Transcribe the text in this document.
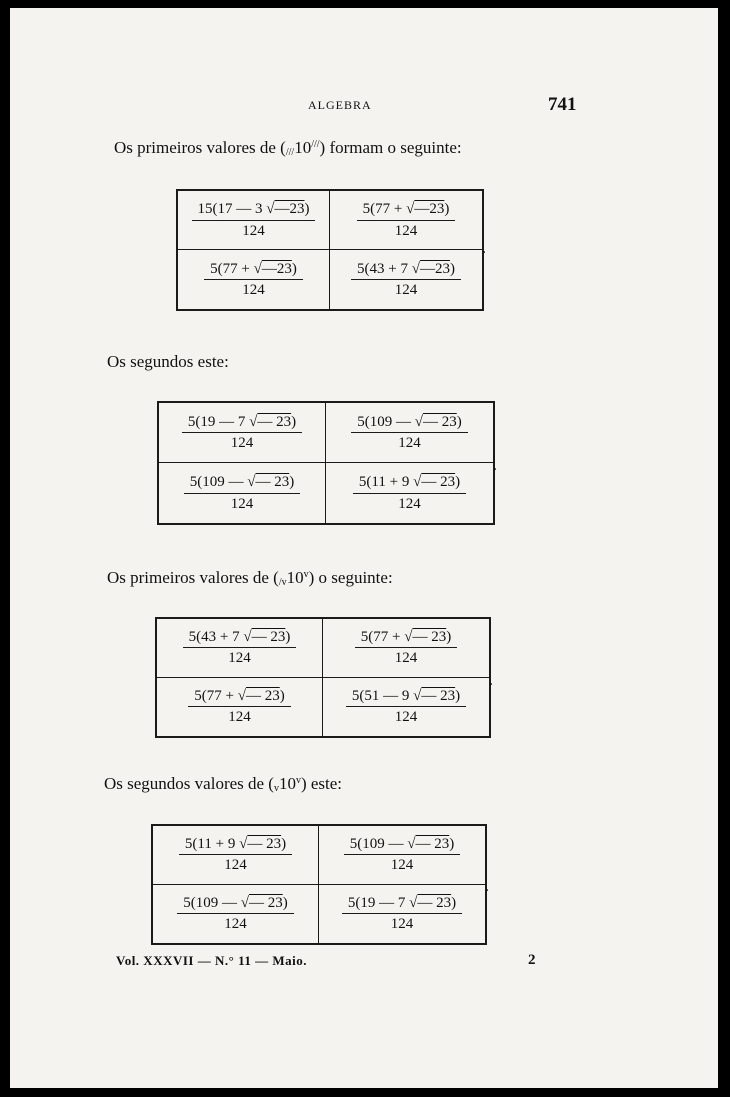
ALGEBRA	741
Os primeiros valores de $(_{///}10^{///})$ formam o seguinte:
$\frac{15(17 — 3 √—23)}{124} \frac{5(77 + √—23)}{124}$
$\frac{5(77 + √—23)}{124} \frac{5(43 + 7 √—23)}{124}$
.
Os segundos este:
$\frac{5(19 — 7 √— 23)}{124} \frac{5(109 — √— 23)}{124}$
$\frac{5(109 — √— 23)}{124} \frac{5(11 + 9 √— 23)}{124}$ .
Os primeiros valores de $(_{/v}10^v)$ o seguinte:
$\frac{5(43 + 7 √— 23)}{124} \frac{5(77 + √— 23)}{124}$
$\frac{5(77 + √— 23)}{124} \frac{5(51 — 9 √— 23)}{124}$ .
Os segundos valores de $(_v10^v)$ este:
$\frac{5(11 + 9 √— 23)}{124} \frac{5(109 — √— 23)}{124}$
$\frac{5(109 — √— 23)}{124} \frac{5(19 — 7 √— 23)}{124}$ .
Vol. XXXVII — N.° 11 — Maio.	2
